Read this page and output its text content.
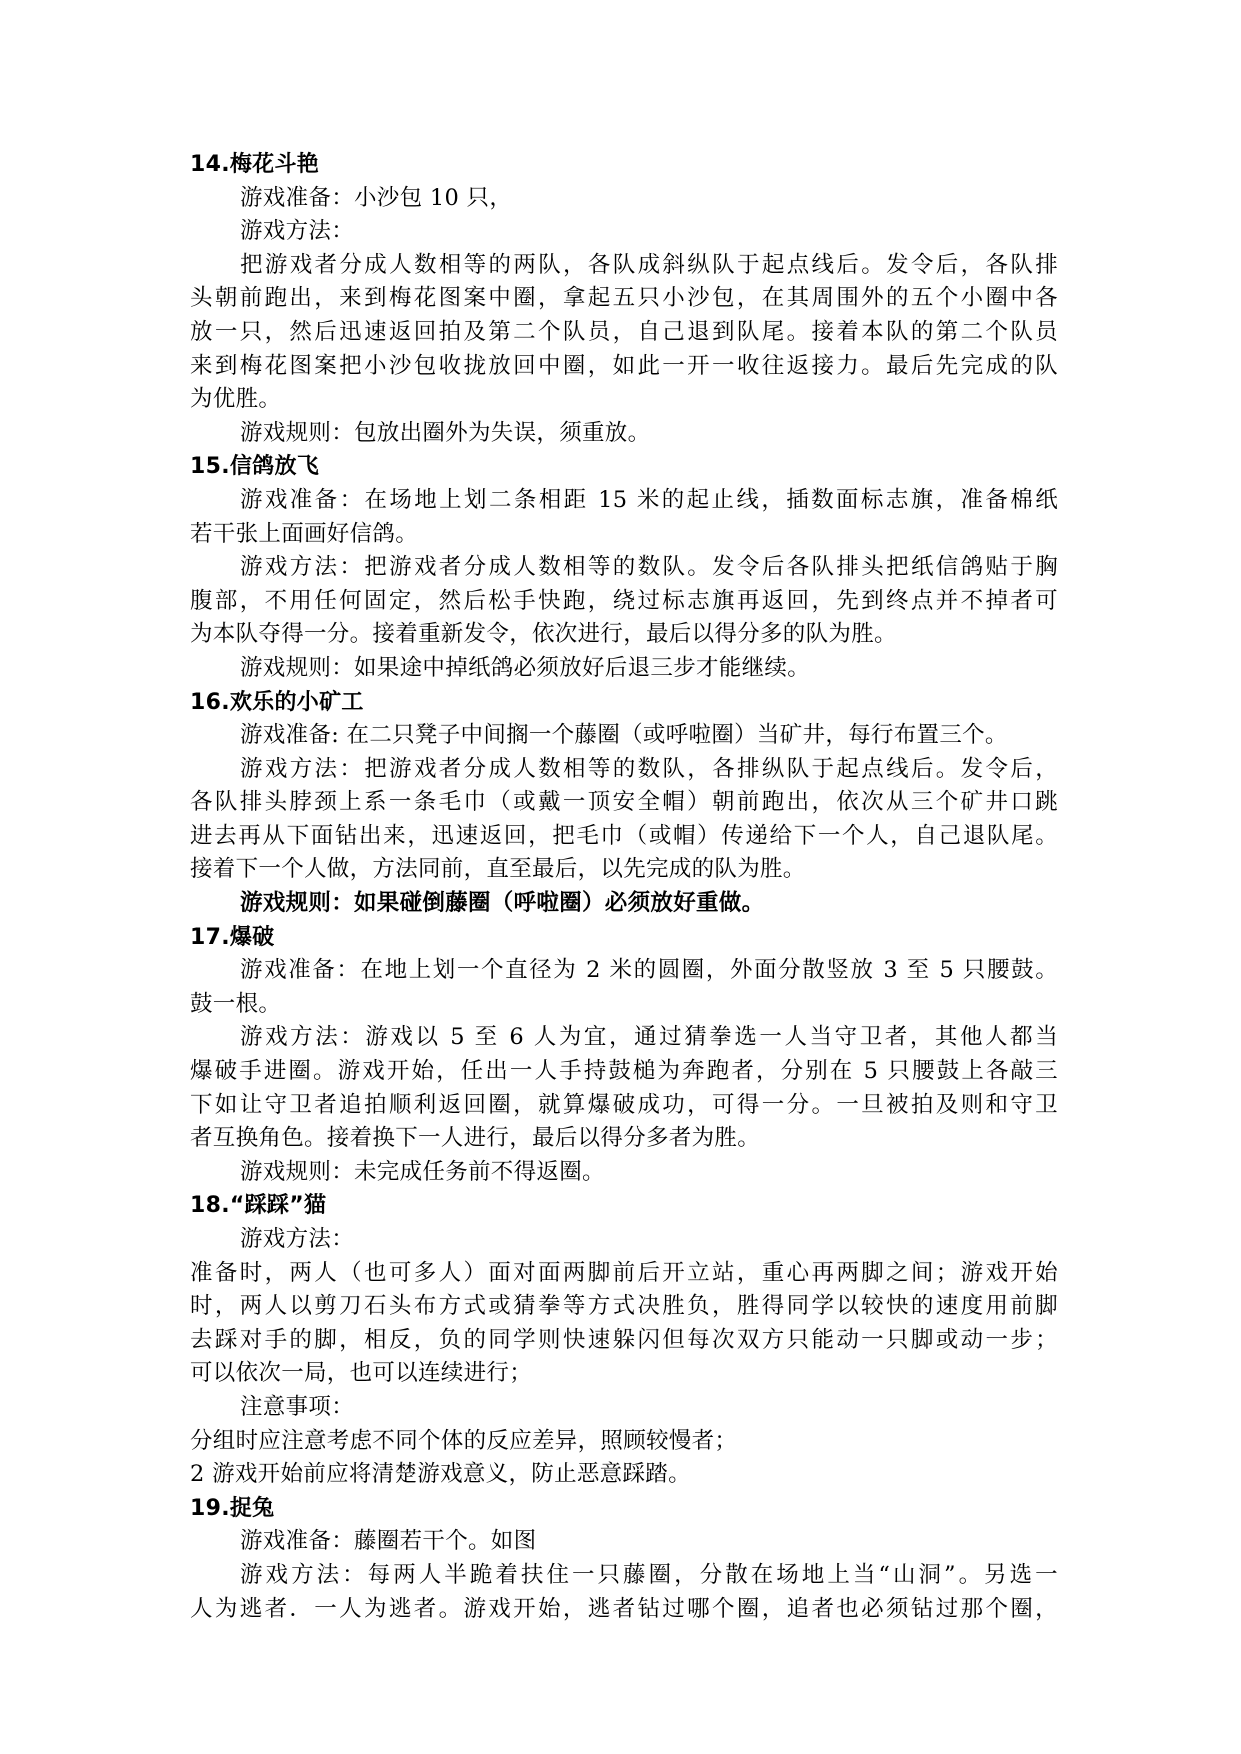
14.梅花斗艳
游戏准备：小沙包 10 只，
游戏方法：
把游戏者分成人数相等的两队，各队成斜纵队于起点线后。发令后，各队排
头朝前跑出，来到梅花图案中圈，拿起五只小沙包，在其周围外的五个小圈中各
放一只，然后迅速返回拍及第二个队员，自己退到队尾。接着本队的第二个队员
来到梅花图案把小沙包收拢放回中圈，如此一开一收往返接力。最后先完成的队
为优胜。
游戏规则：包放出圈外为失误，须重放。
15.信鸽放飞
游戏准备：在场地上划二条相距 15 米的起止线，插数面标志旗，准备棉纸
若干张上面画好信鸽。
游戏方法：把游戏者分成人数相等的数队。发令后各队排头把纸信鸽贴于胸
腹部，不用任何固定，然后松手快跑，绕过标志旗再返回，先到终点并不掉者可
为本队夺得一分。接着重新发令，依次进行，最后以得分多的队为胜。
游戏规则：如果途中掉纸鸽必须放好后退三步才能继续。
16.欢乐的小矿工
游戏准备: 在二只凳子中间搁一个藤圈（或呼啦圈）当矿井，每行布置三个。
游戏方法：把游戏者分成人数相等的数队，各排纵队于起点线后。发令后，
各队排头脖颈上系一条毛巾（或戴一顶安全帽）朝前跑出，依次从三个矿井口跳
进去再从下面钻出来，迅速返回，把毛巾（或帽）传递给下一个人，自己退队尾。
接着下一个人做，方法同前，直至最后，以先完成的队为胜。
游戏规则：如果碰倒藤圈（呼啦圈）必须放好重做。
17.爆破
游戏准备：在地上划一个直径为 2 米的圆圈，外面分散竖放 3 至 5 只腰鼓。
鼓一根。
游戏方法：游戏以 5 至 6 人为宜，通过猜拳选一人当守卫者，其他人都当
爆破手进圈。游戏开始，任出一人手持鼓槌为奔跑者，分别在 5 只腰鼓上各敲三
下如让守卫者追拍顺利返回圈，就算爆破成功，可得一分。一旦被拍及则和守卫
者互换角色。接着换下一人进行，最后以得分多者为胜。
游戏规则：未完成任务前不得返圈。
18.“踩踩”猫
游戏方法：
准备时，两人（也可多人）面对面两脚前后开立站，重心再两脚之间；游戏开始
时，两人以剪刀石头布方式或猜拳等方式决胜负，胜得同学以较快的速度用前脚
去踩对手的脚，相反，负的同学则快速躲闪但每次双方只能动一只脚或动一步；
可以依次一局，也可以连续进行；
注意事项：
分组时应注意考虑不同个体的反应差异，照顾较慢者；
2 游戏开始前应将清楚游戏意义，防止恶意踩踏。
19.捉兔
游戏准备：藤圈若干个。如图
游戏方法：每两人半跪着扶住一只藤圈，分散在场地上当“山洞”。另选一
人为逃者．一人为逃者。游戏开始，逃者钻过哪个圈，追者也必须钻过那个圈，
